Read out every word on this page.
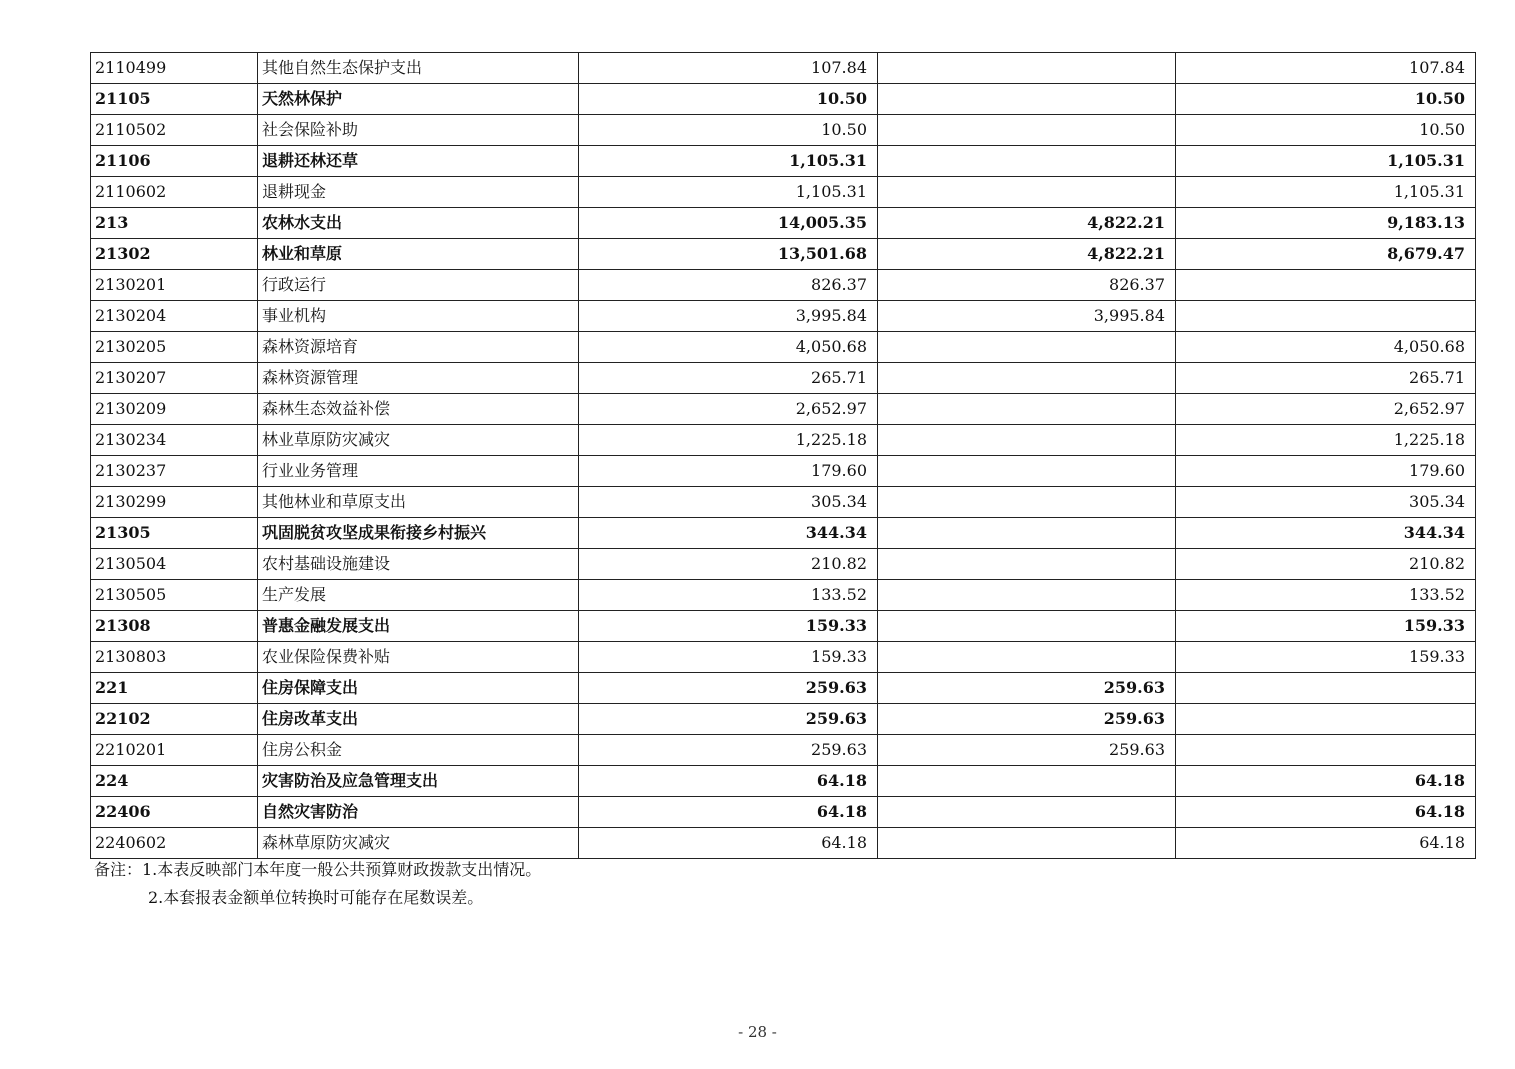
2110499	其他自然生态保护支出	107.84		107.84
21105	天然林保护	10.50		10.50
2110502	社会保险补助	10.50		10.50
21106	退耕还林还草	1,105.31		1,105.31
2110602	退耕现金	1,105.31		1,105.31
213	农林水支出	14,005.35	4,822.21	9,183.13
21302	林业和草原	13,501.68	4,822.21	8,679.47
2130201	行政运行	826.37	826.37	
2130204	事业机构	3,995.84	3,995.84	
2130205	森林资源培育	4,050.68		4,050.68
2130207	森林资源管理	265.71		265.71
2130209	森林生态效益补偿	2,652.97		2,652.97
2130234	林业草原防灾减灾	1,225.18		1,225.18
2130237	行业业务管理	179.60		179.60
2130299	其他林业和草原支出	305.34		305.34
21305	巩固脱贫攻坚成果衔接乡村振兴	344.34		344.34
2130504	农村基础设施建设	210.82		210.82
2130505	生产发展	133.52		133.52
21308	普惠金融发展支出	159.33		159.33
2130803	农业保险保费补贴	159.33		159.33
221	住房保障支出	259.63	259.63	
22102	住房改革支出	259.63	259.63	
2210201	住房公积金	259.63	259.63	
224	灾害防治及应急管理支出	64.18		64.18
22406	自然灾害防治	64.18		64.18
2240602	森林草原防灾减灾	64.18		64.18
备注：1.本表反映部门本年度一般公共预算财政拨款支出情况。
2.本套报表金额单位转换时可能存在尾数误差。
- 28 -
